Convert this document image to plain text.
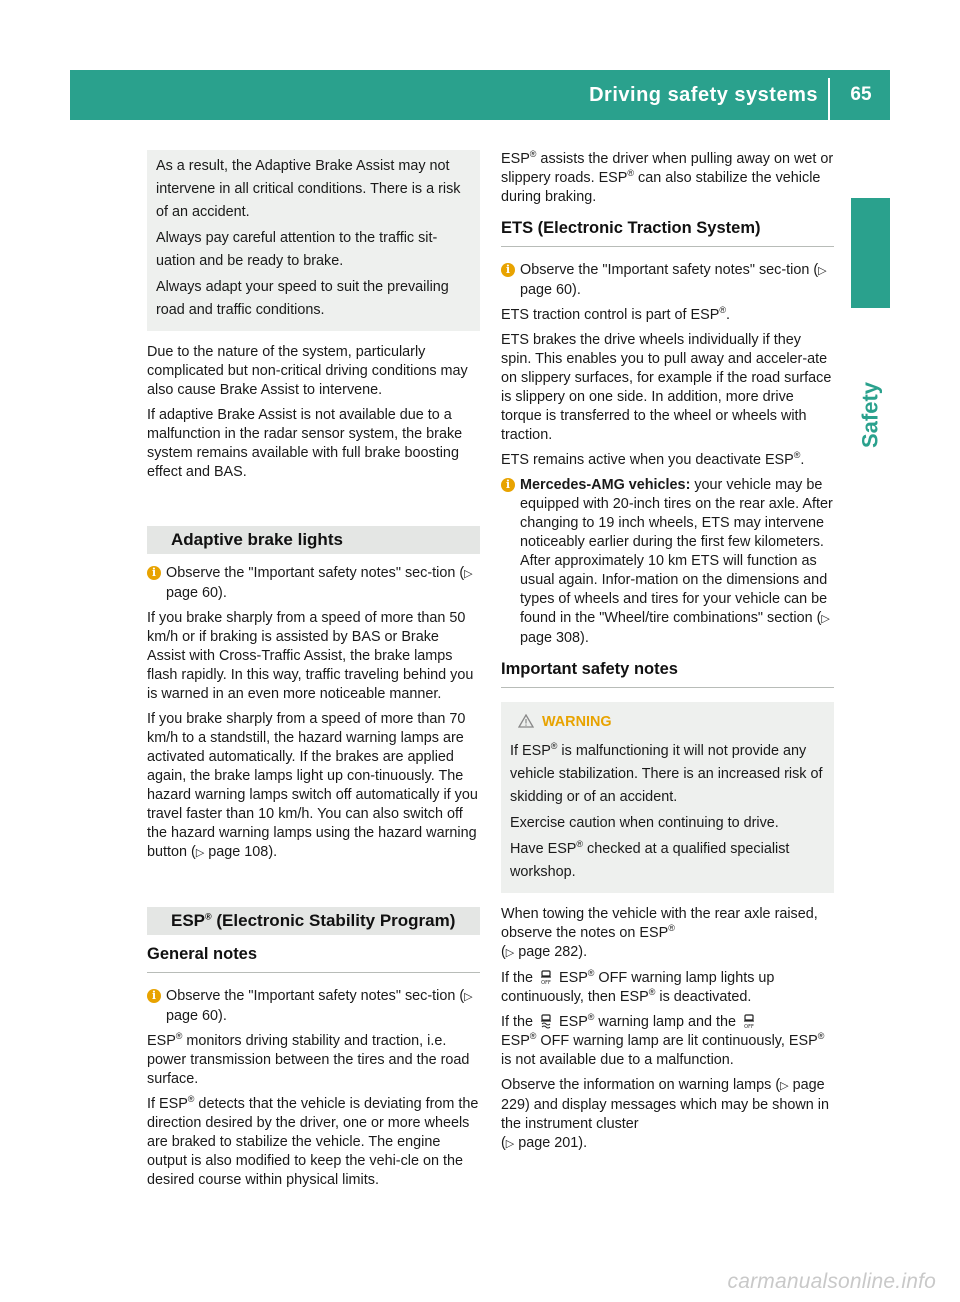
Driving safety systems	65
Safety

As a result, the Adaptive Brake Assist may not intervene in all critical conditions. There is a risk of an accident.

Always pay careful attention to the traffic sit-uation and be ready to brake.

Always adapt your speed to suit the prevailing road and traffic conditions.

Due to the nature of the system, particularly complicated but non-critical driving conditions may also cause Brake Assist to intervene.

If adaptive Brake Assist is not available due to a malfunction in the radar sensor system, the brake system remains available with full brake boosting effect and BAS.

Adaptive brake lights

i Observe the "Important safety notes" sec-tion (▷ page 60).

If you brake sharply from a speed of more than 50 km/h or if braking is assisted by BAS or Brake Assist with Cross-Traffic Assist, the brake lamps flash rapidly. In this way, traffic traveling behind you is warned in an even more noticeable manner.

If you brake sharply from a speed of more than 70 km/h to a standstill, the hazard warning lamps are activated automatically. If the brakes are applied again, the brake lamps light up con-tinuously. The hazard warning lamps switch off automatically if you travel faster than 10 km/h. You can also switch off the hazard warning lamps using the hazard warning button (▷ page 108).

ESP® (Electronic Stability Program)
General notes

i Observe the "Important safety notes" sec-tion (▷ page 60).

ESP® monitors driving stability and traction, i.e. power transmission between the tires and the road surface.

If ESP® detects that the vehicle is deviating from the direction desired by the driver, one or more wheels are braked to stabilize the vehicle. The engine output is also modified to keep the vehi-cle on the desired course within physical limits.

ESP® assists the driver when pulling away on wet or slippery roads. ESP® can also stabilize the vehicle during braking.

ETS (Electronic Traction System)

i Observe the "Important safety notes" sec-tion (▷ page 60).

ETS traction control is part of ESP®.

ETS brakes the drive wheels individually if they spin. This enables you to pull away and acceler-ate on slippery surfaces, for example if the road surface is slippery on one side. In addition, more drive torque is transferred to the wheel or wheels with traction.

ETS remains active when you deactivate ESP®.

i Mercedes-AMG vehicles: your vehicle may be equipped with 20-inch tires on the rear axle. After changing to 19 inch wheels, ETS may intervene noticeably earlier during the first few kilometers. After approximately 10 km ETS will function as usual again. Infor-mation on the dimensions and types of wheels and tires for your vehicle can be found in the "Wheel/tire combinations" section (▷ page 308).

Important safety notes
WARNING

If ESP® is malfunctioning it will not provide any vehicle stabilization. There is an increased risk of skidding or of an accident.

Exercise caution when continuing to drive.

Have ESP® checked at a qualified specialist workshop.

When towing the vehicle with the rear axle raised, observe the notes on ESP®
(▷ page 282).

If the OFF ESP® OFF warning lamp lights up continuously, then ESP® is deactivated.

If the ESP® warning lamp and the OFF

ESP® OFF warning lamp are lit continuously, ESP® is not available due to a malfunction.

Observe the information on warning lamps (▷ page 229) and display messages which may be shown in the instrument cluster
(▷ page 201).

carmanualsonline.info
